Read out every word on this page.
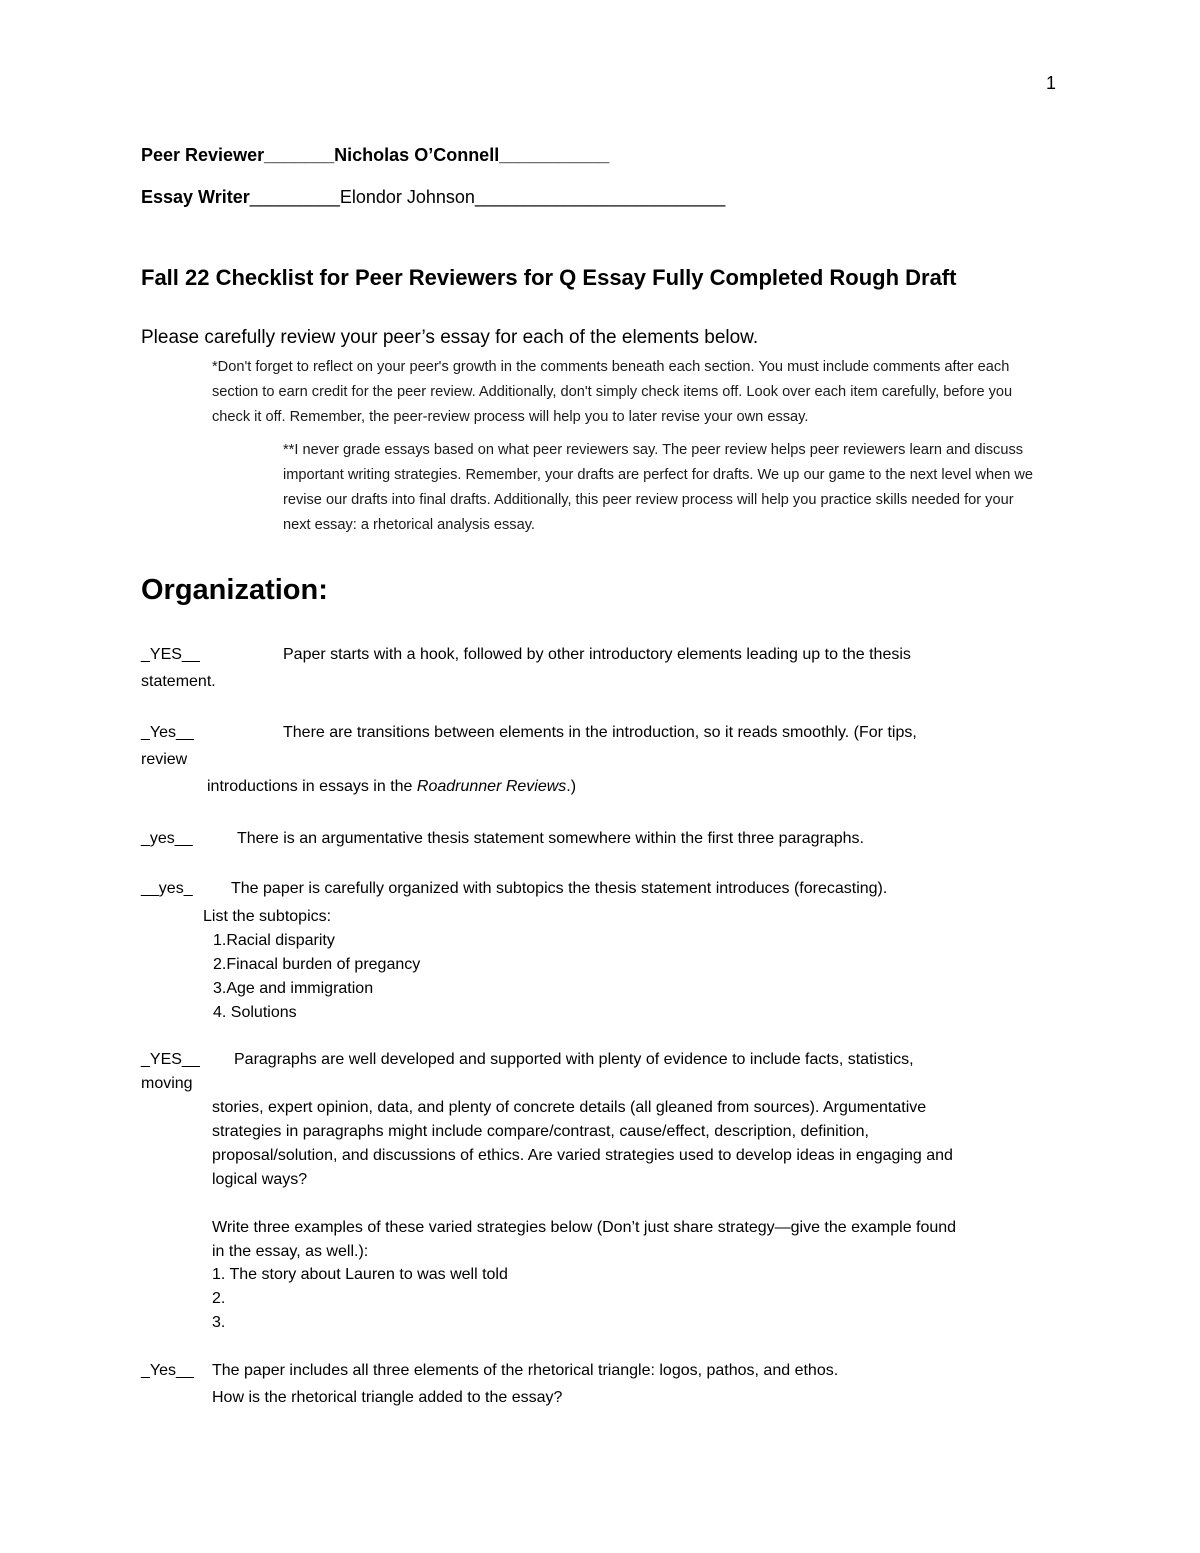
1
Peer Reviewer_______Nicholas O’Connell___________
Essay Writer_________Elondor Johnson_________________________
Fall 22 Checklist for Peer Reviewers for Q Essay Fully Completed Rough Draft
Please carefully review your peer’s essay for each of the elements below.
*Don't forget to reflect on your peer's growth in the comments beneath each section. You must include comments after each section to earn credit for the peer review. Additionally, don't simply check items off. Look over each item carefully, before you check it off. Remember, the peer-review process will help you to later revise your own essay.
**I never grade essays based on what peer reviewers say. The peer review helps peer reviewers learn and discuss important writing strategies. Remember, your drafts are perfect for drafts. We up our game to the next level when we revise our drafts into final drafts. Additionally, this peer review process will help you practice skills needed for your next essay: a rhetorical analysis essay.
Organization:
_YES__	Paper starts with a hook, followed by other introductory elements leading up to the thesis
statement.
_Yes__	There are transitions between elements in the introduction, so it reads smoothly. (For tips,
review
introductions in essays in the Roadrunner Reviews.)
_yes__	There is an argumentative thesis statement somewhere within the first three paragraphs.
__yes_ The paper is carefully organized with subtopics the thesis statement introduces (forecasting).
List the subtopics:
1.Racial disparity
2.Finacal burden of pregancy
3.Age and immigration
4. Solutions
_YES__ Paragraphs are well developed and supported with plenty of evidence to include facts, statistics,
moving
stories, expert opinion, data, and plenty of concrete details (all gleaned from sources). Argumentative
strategies in paragraphs might include compare/contrast, cause/effect, description, definition,
proposal/solution, and discussions of ethics. Are varied strategies used to develop ideas in engaging and
logical ways?
Write three examples of these varied strategies below (Don’t just share strategy—give the example found
in the essay, as well.):
1. The story about Lauren to was well told
2.
3.
_Yes__ The paper includes all three elements of the rhetorical triangle: logos, pathos, and ethos.
How is the rhetorical triangle added to the essay?
